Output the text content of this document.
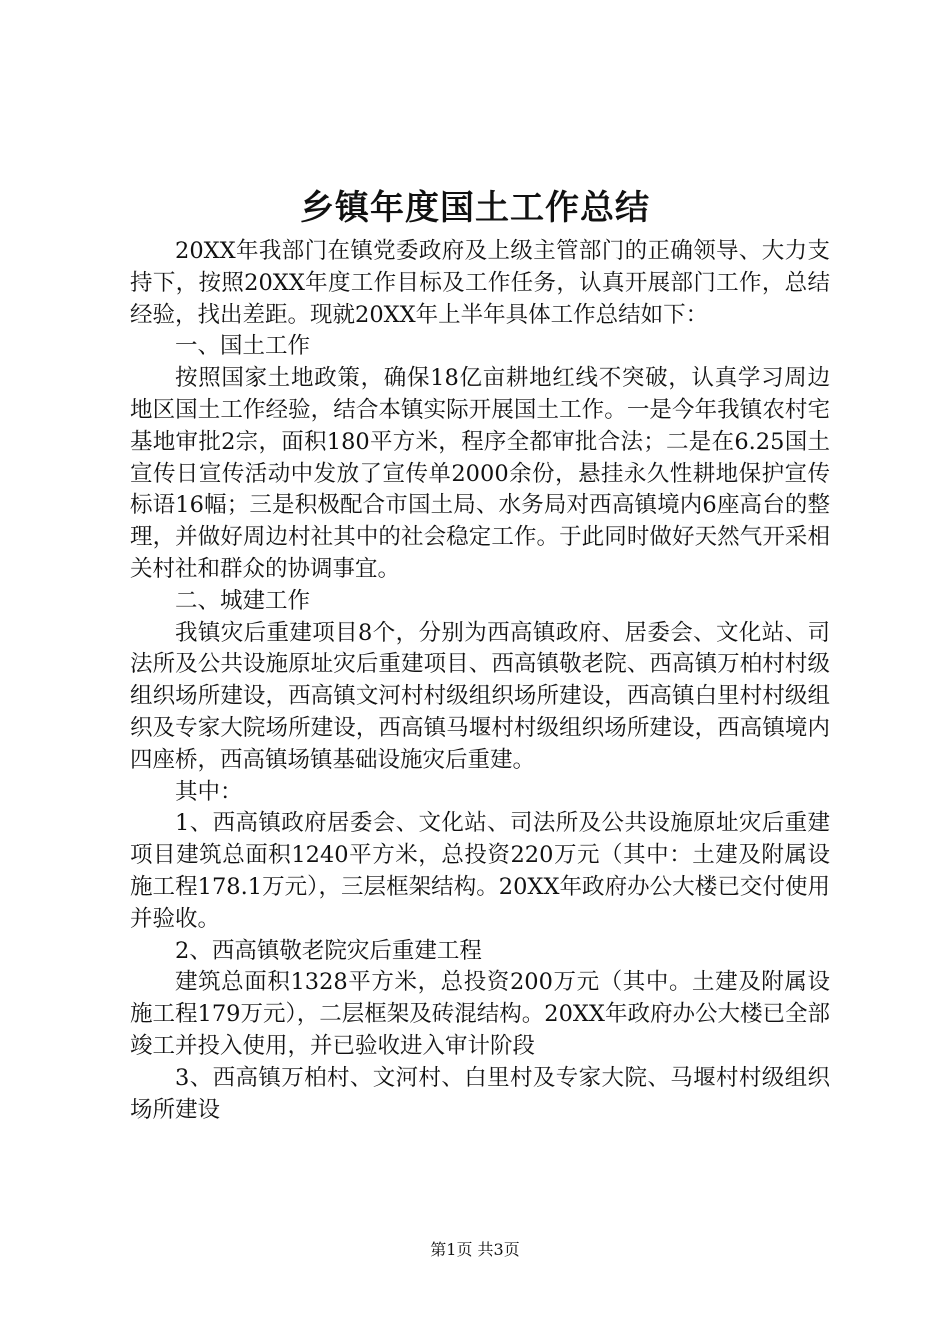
乡镇年度国土工作总结

20XX年我部门在镇党委政府及上级主管部门的正确领导、大力支持下，按照20XX年度工作目标及工作任务，认真开展部门工作，总结经验，找出差距。现就20XX年上半年具体工作总结如下：

一、国土工作

按照国家土地政策，确保18亿亩耕地红线不突破，认真学习周边地区国土工作经验，结合本镇实际开展国土工作。一是今年我镇农村宅基地审批2宗，面积180平方米，程序全都审批合法；二是在6.25国土宣传日宣传活动中发放了宣传单2000余份，悬挂永久性耕地保护宣传标语16幅；三是积极配合市国土局、水务局对西高镇境内6座高台的整理，并做好周边村社其中的社会稳定工作。于此同时做好天然气开采相关村社和群众的协调事宜。

二、城建工作

我镇灾后重建项目8个，分别为西高镇政府、居委会、文化站、司法所及公共设施原址灾后重建项目、西高镇敬老院、西高镇万柏村村级组织场所建设，西高镇文河村村级组织场所建设，西高镇白里村村级组织及专家大院场所建设，西高镇马堰村村级组织场所建设，西高镇境内四座桥，西高镇场镇基础设施灾后重建。

其中：

1、西高镇政府居委会、文化站、司法所及公共设施原址灾后重建项目建筑总面积1240平方米，总投资220万元（其中：土建及附属设施工程178.1万元），三层框架结构。20XX年政府办公大楼已交付使用并验收。

2、西高镇敬老院灾后重建工程

建筑总面积1328平方米，总投资200万元（其中。土建及附属设施工程179万元），二层框架及砖混结构。20XX年政府办公大楼已全部竣工并投入使用，并已验收进入审计阶段

3、西高镇万柏村、文河村、白里村及专家大院、马堰村村级组织场所建设

第1页 共3页
